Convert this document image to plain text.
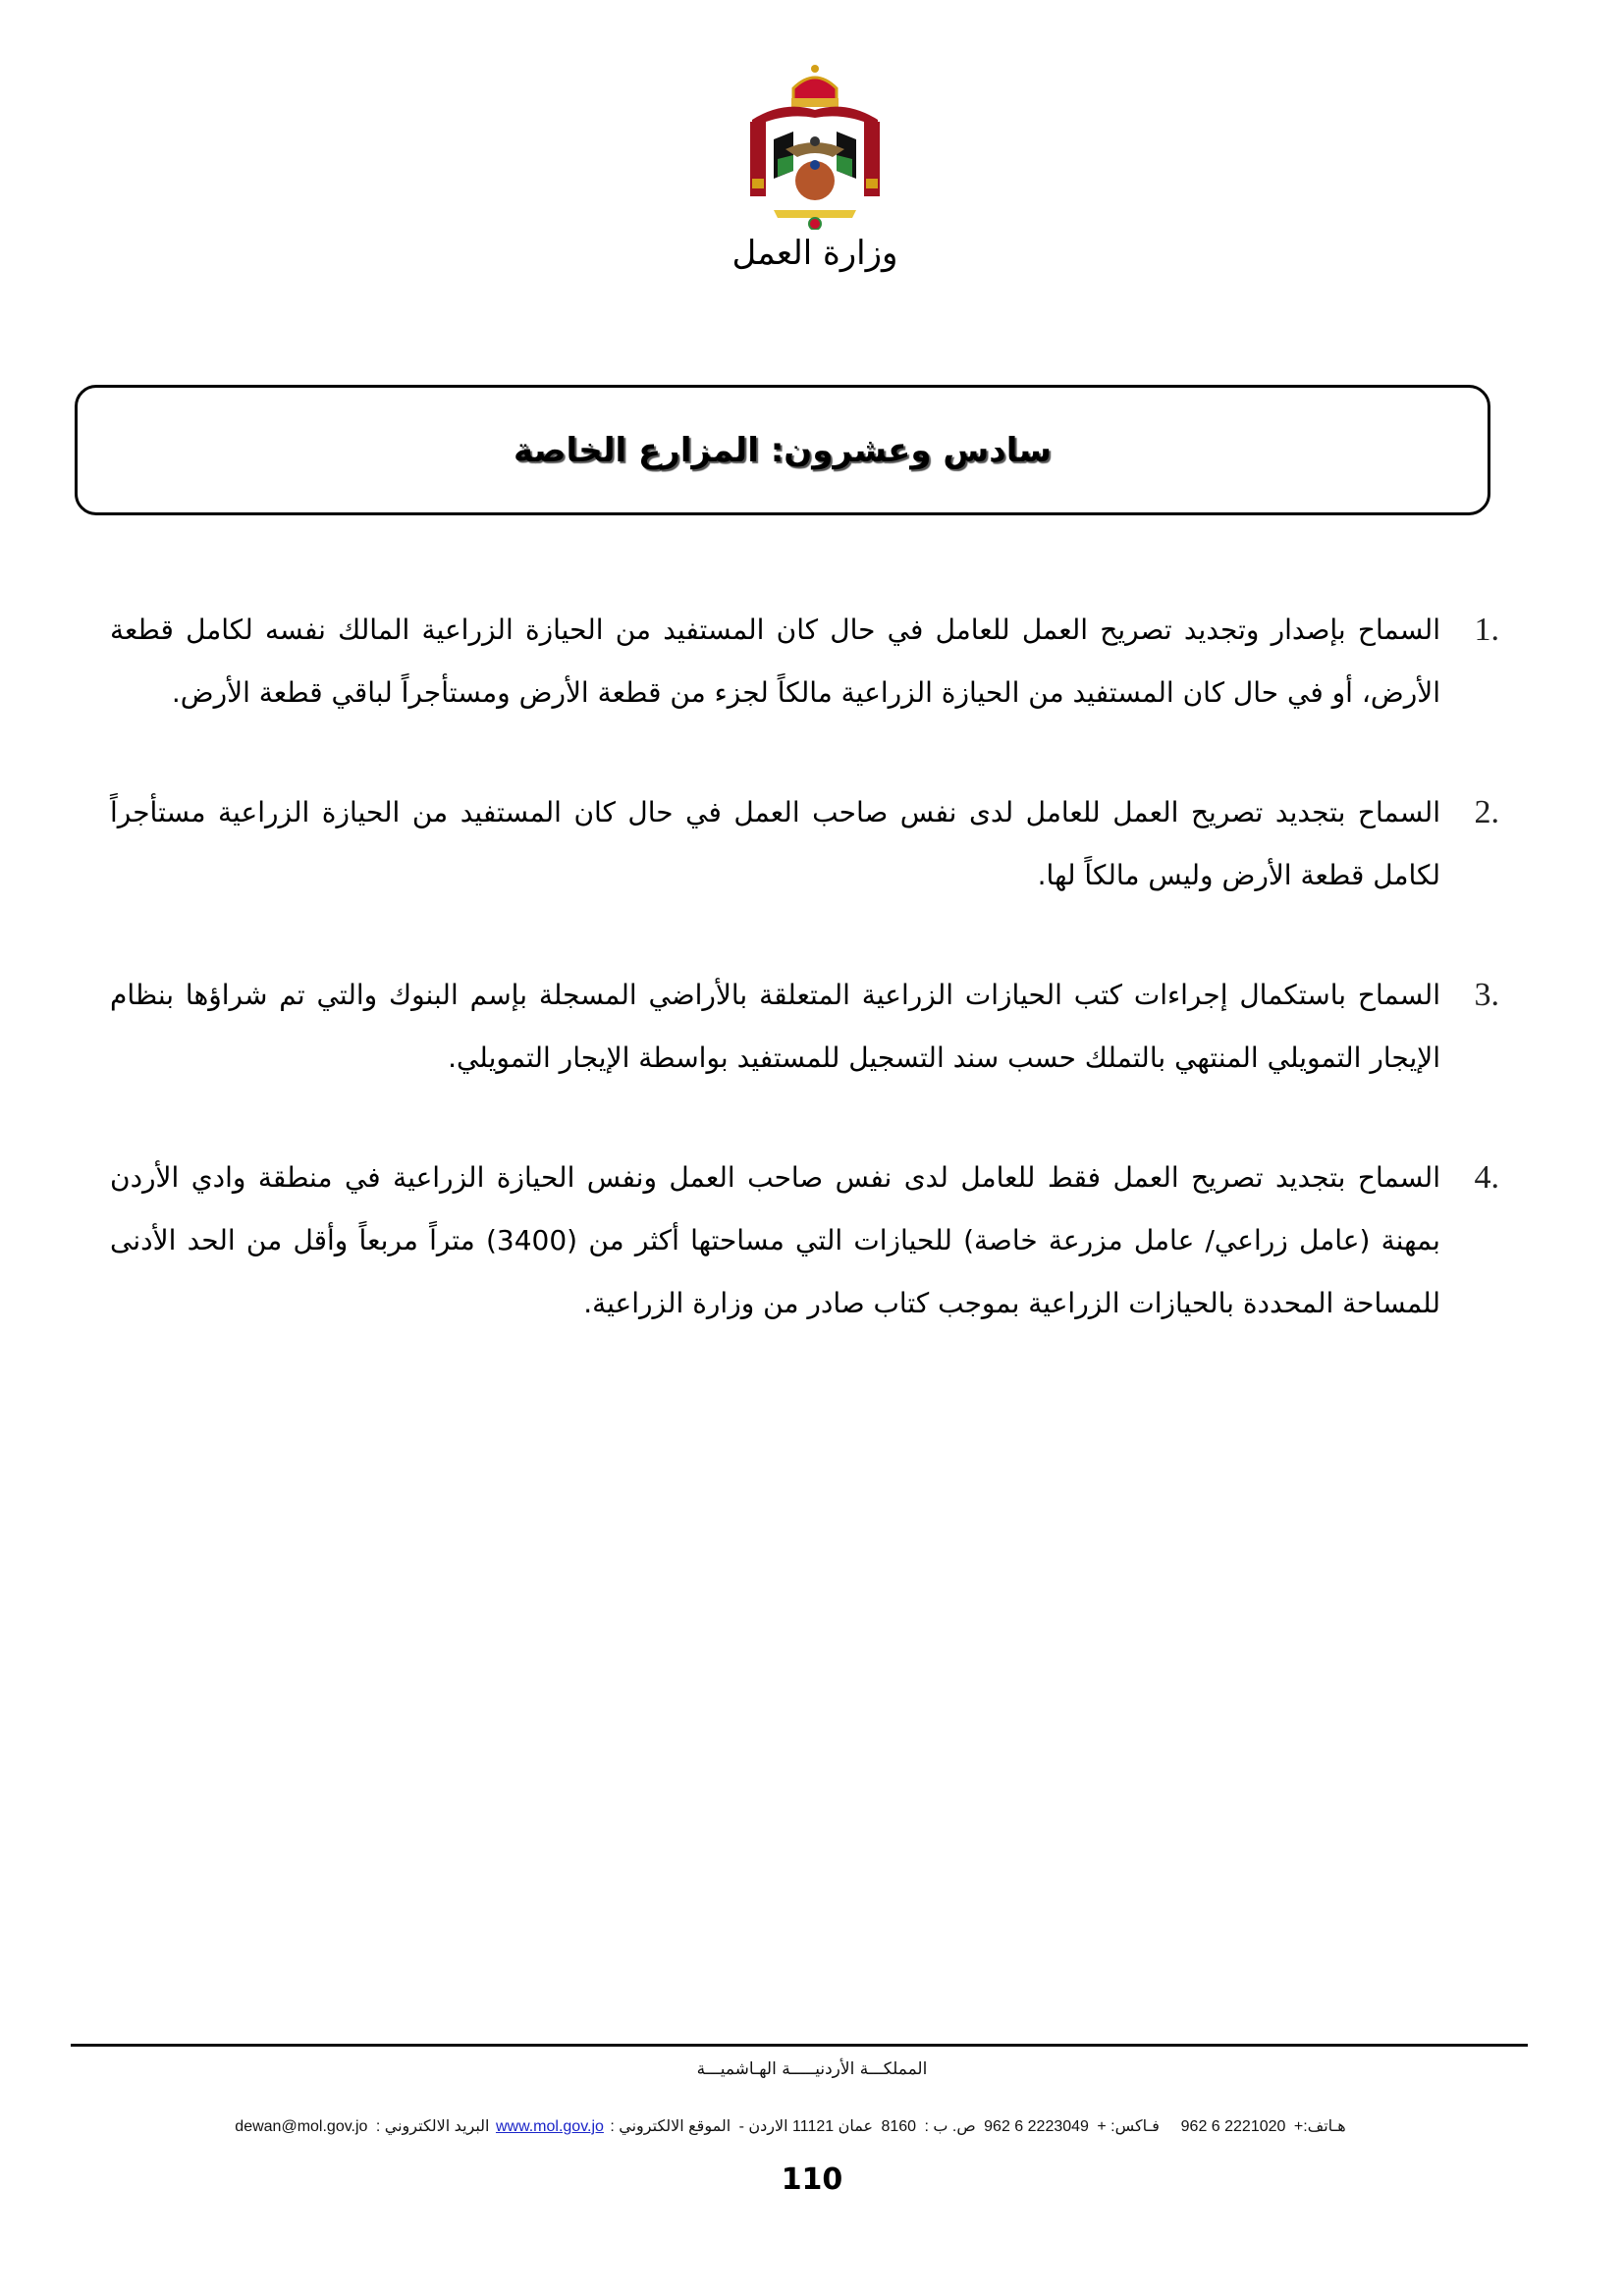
وزارة العمل
سادس وعشرون: المزارع الخاصة
1.
السماح بإصدار وتجديد تصريح العمل للعامل في حال كان المستفيد من الحيازة الزراعية المالك نفسه لكامل قطعة الأرض، أو في حال كان المستفيد من الحيازة الزراعية مالكاً لجزء من قطعة الأرض ومستأجراً لباقي قطعة الأرض.
2.
السماح بتجديد تصريح العمل للعامل لدى نفس صاحب العمل في حال كان المستفيد من الحيازة الزراعية مستأجراً لكامل قطعة الأرض وليس مالكاً لها.
3.
السماح باستكمال إجراءات كتب الحيازات الزراعية المتعلقة بالأراضي المسجلة بإسم البنوك والتي تم شراؤها بنظام الإيجار التمويلي المنتهي بالتملك حسب سند التسجيل للمستفيد بواسطة الإيجار التمويلي.
4.
السماح بتجديد تصريح العمل فقط للعامل لدى نفس صاحب العمل ونفس الحيازة الزراعية في منطقة وادي الأردن بمهنة (عامل زراعي/ عامل مزرعة خاصة) للحيازات التي مساحتها أكثر من (3400) متراً مربعاً وأقل من الحد الأدنى للمساحة المحددة بالحيازات الزراعية بموجب كتاب صادر من وزارة الزراعية.
المملكـــة الأردنيـــــة الهـاشميـــة
هـاتف:+ 962 6 2221020    فـاكس: + 962 6 2223049 ص. ب : 8160 عمان 11121 الاردن - الموقع الالكتروني : www.mol.gov.jo البريد الالكتروني : dewan@mol.gov.jo
110
